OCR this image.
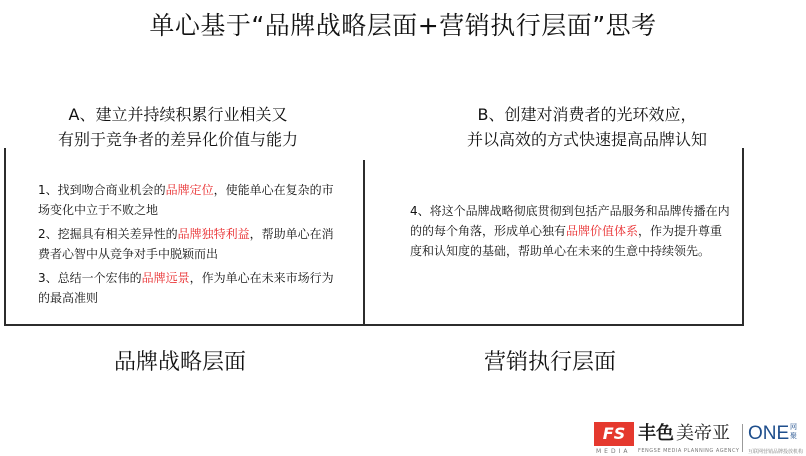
单心基于“品牌战略层面+营销执行层面”思考
A、建立并持续积累行业相关又
有别于竞争者的差异化价值与能力
B、创建对消费者的光环效应，
并以高效的方式快速提高品牌认知
1、找到吻合商业机会的品牌定位，使能单心在复杂的市场变化中立于不败之地
2、挖掘具有相关差异性的品牌独特利益，帮助单心在消费者心智中从竞争对手中脱颖而出
3、总结一个宏伟的品牌远景，作为单心在未来市场行为的最高准则
4、将这个品牌战略彻底贯彻到包括产品服务和品牌传播在内的的每个角落，形成单心独有品牌价值体系，作为提升尊重度和认知度的基础，帮助单心在未来的生意中持续领先。
品牌战略层面	营销执行层面
FS
MEDIA
丰色 美帝亚
FENGSE MEDIA PLANNING AGENCY
ONE 网聚
互联网营销品牌投放机构
